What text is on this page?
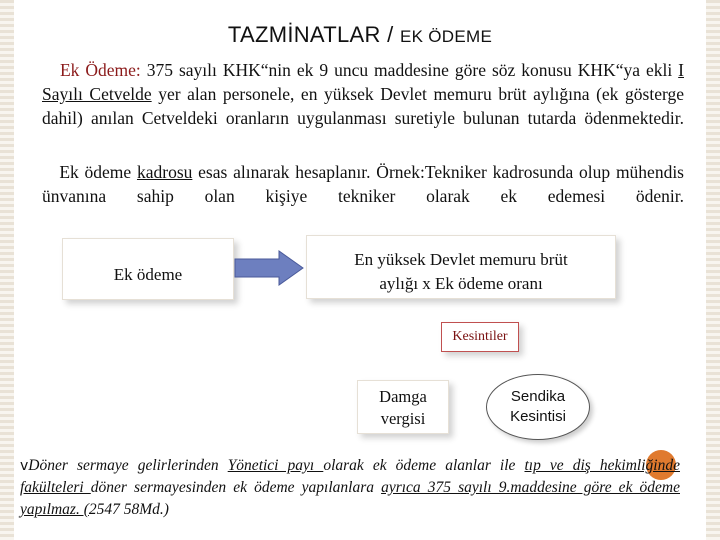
TAZMİNATLAR / EK ÖDEME
Ek Ödeme: 375 sayılı KHK“nin ek 9 uncu maddesine göre söz konusu KHK“ya ekli I Sayılı Cetvelde yer alan personele, en yüksek Devlet memuru brüt aylığına (ek gösterge dahil) anılan Cetveldeki oranların uygulanması suretiyle bulunan tutarda ödenmektedir.
Ek ödeme kadrosu esas alınarak hesaplanır. Örnek:Tekniker kadrosunda olup mühendis ünvanına sahip olan kişiye tekniker olarak ek edemesi ödenir.
Ek ödeme
En yüksek Devlet memuru brüt
aylığı x Ek ödeme oranı
Kesintiler
Damga
vergisi
Sendika
Kesintisi
vDöner sermaye gelirlerinden Yönetici payı olarak ek ödeme alanlar ile tıp ve diş hekimliğinde fakülteleri döner sermayesinden ek ödeme yapılanlara ayrıca 375 sayılı 9.maddesine göre ek ödeme yapılmaz. (2547 58Md.)
